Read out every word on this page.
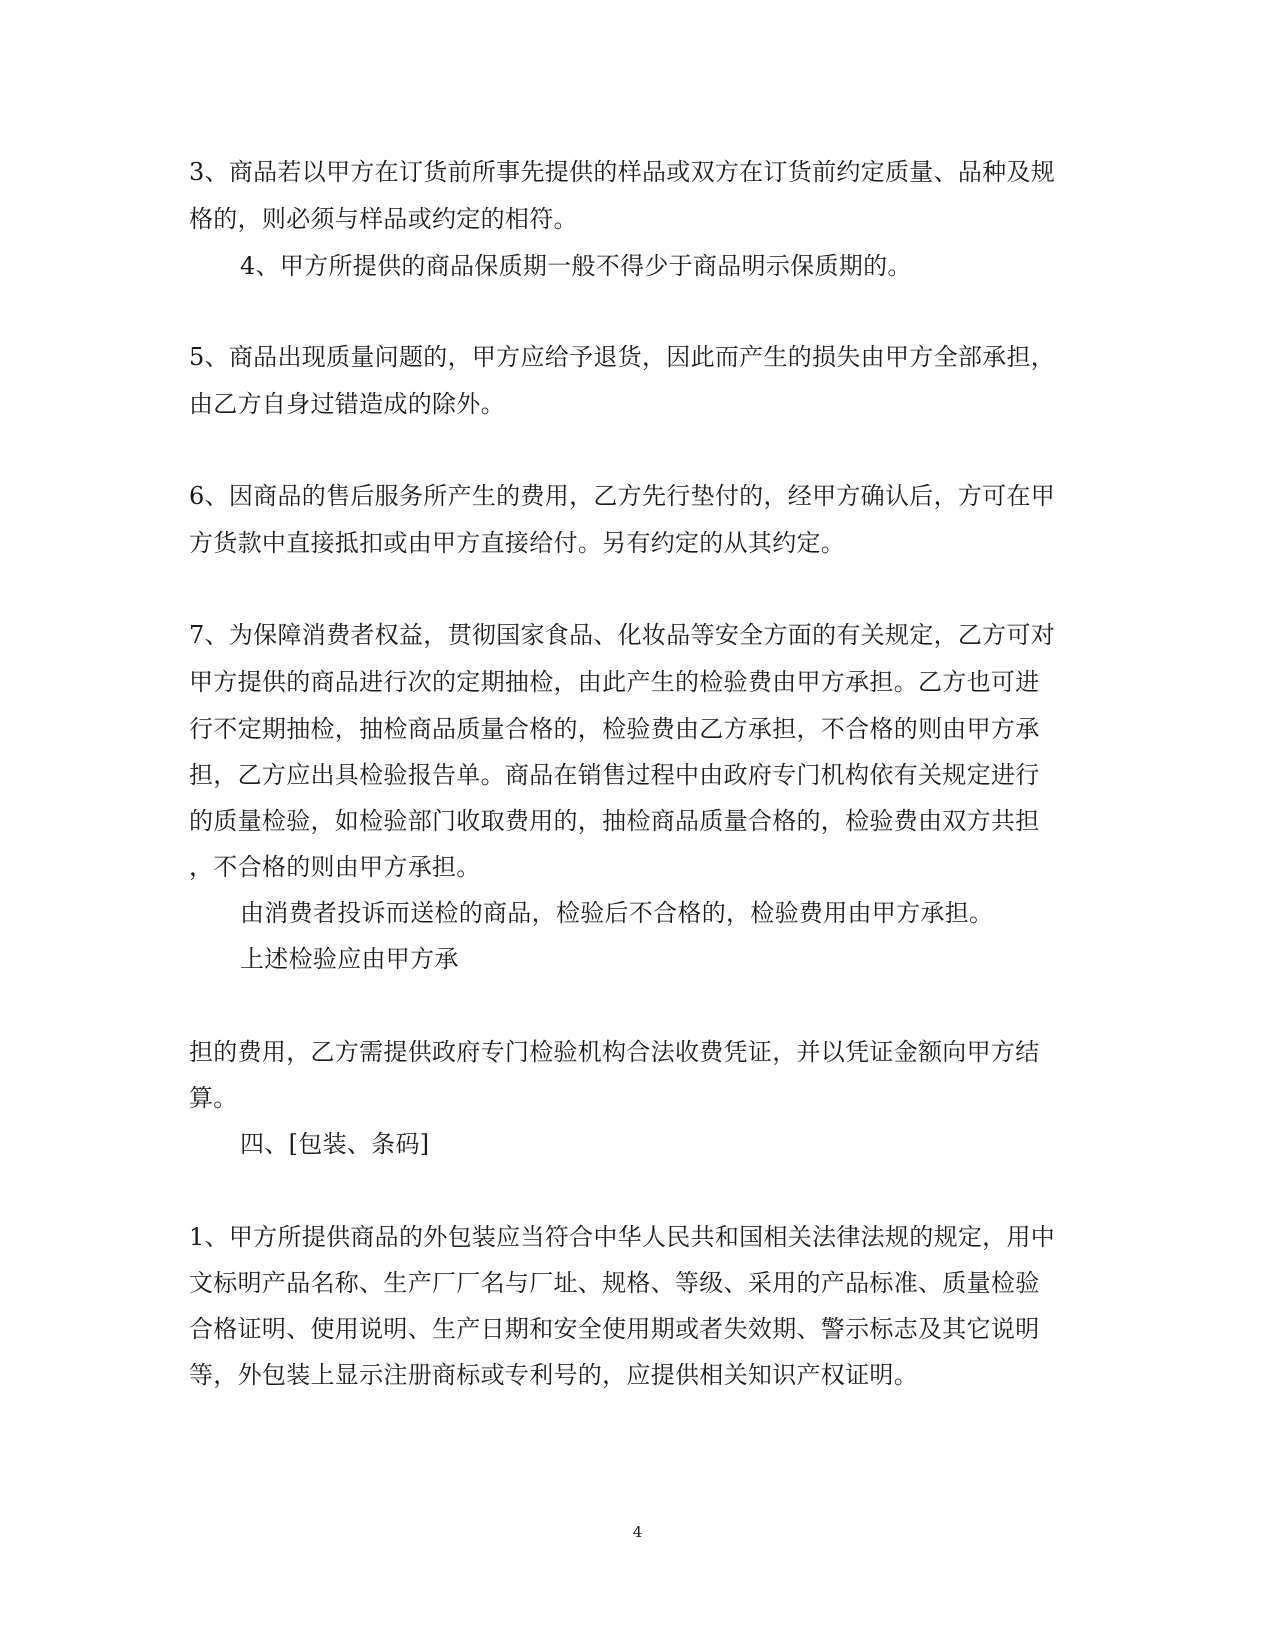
3、商品若以甲方在订货前所事先提供的样品或双方在订货前约定质量、品种及规
格的，则必须与样品或约定的相符。
4、甲方所提供的商品保质期一般不得少于商品明示保质期的。
5、商品出现质量问题的，甲方应给予退货，因此而产生的损失由甲方全部承担，
由乙方自身过错造成的除外。
6、因商品的售后服务所产生的费用，乙方先行垫付的，经甲方确认后，方可在甲
方货款中直接抵扣或由甲方直接给付。另有约定的从其约定。
7、为保障消费者权益，贯彻国家食品、化妆品等安全方面的有关规定，乙方可对
甲方提供的商品进行次的定期抽检，由此产生的检验费由甲方承担。乙方也可进
行不定期抽检，抽检商品质量合格的，检验费由乙方承担，不合格的则由甲方承
担，乙方应出具检验报告单。商品在销售过程中由政府专门机构依有关规定进行
的质量检验，如检验部门收取费用的，抽检商品质量合格的，检验费由双方共担
，不合格的则由甲方承担。
由消费者投诉而送检的商品，检验后不合格的，检验费用由甲方承担。
上述检验应由甲方承
担的费用，乙方需提供政府专门检验机构合法收费凭证，并以凭证金额向甲方结
算。
四、[包装、条码]
1、甲方所提供商品的外包装应当符合中华人民共和国相关法律法规的规定，用中
文标明产品名称、生产厂厂名与厂址、规格、等级、采用的产品标准、质量检验
合格证明、使用说明、生产日期和安全使用期或者失效期、警示标志及其它说明
等，外包装上显示注册商标或专利号的，应提供相关知识产权证明。
4
